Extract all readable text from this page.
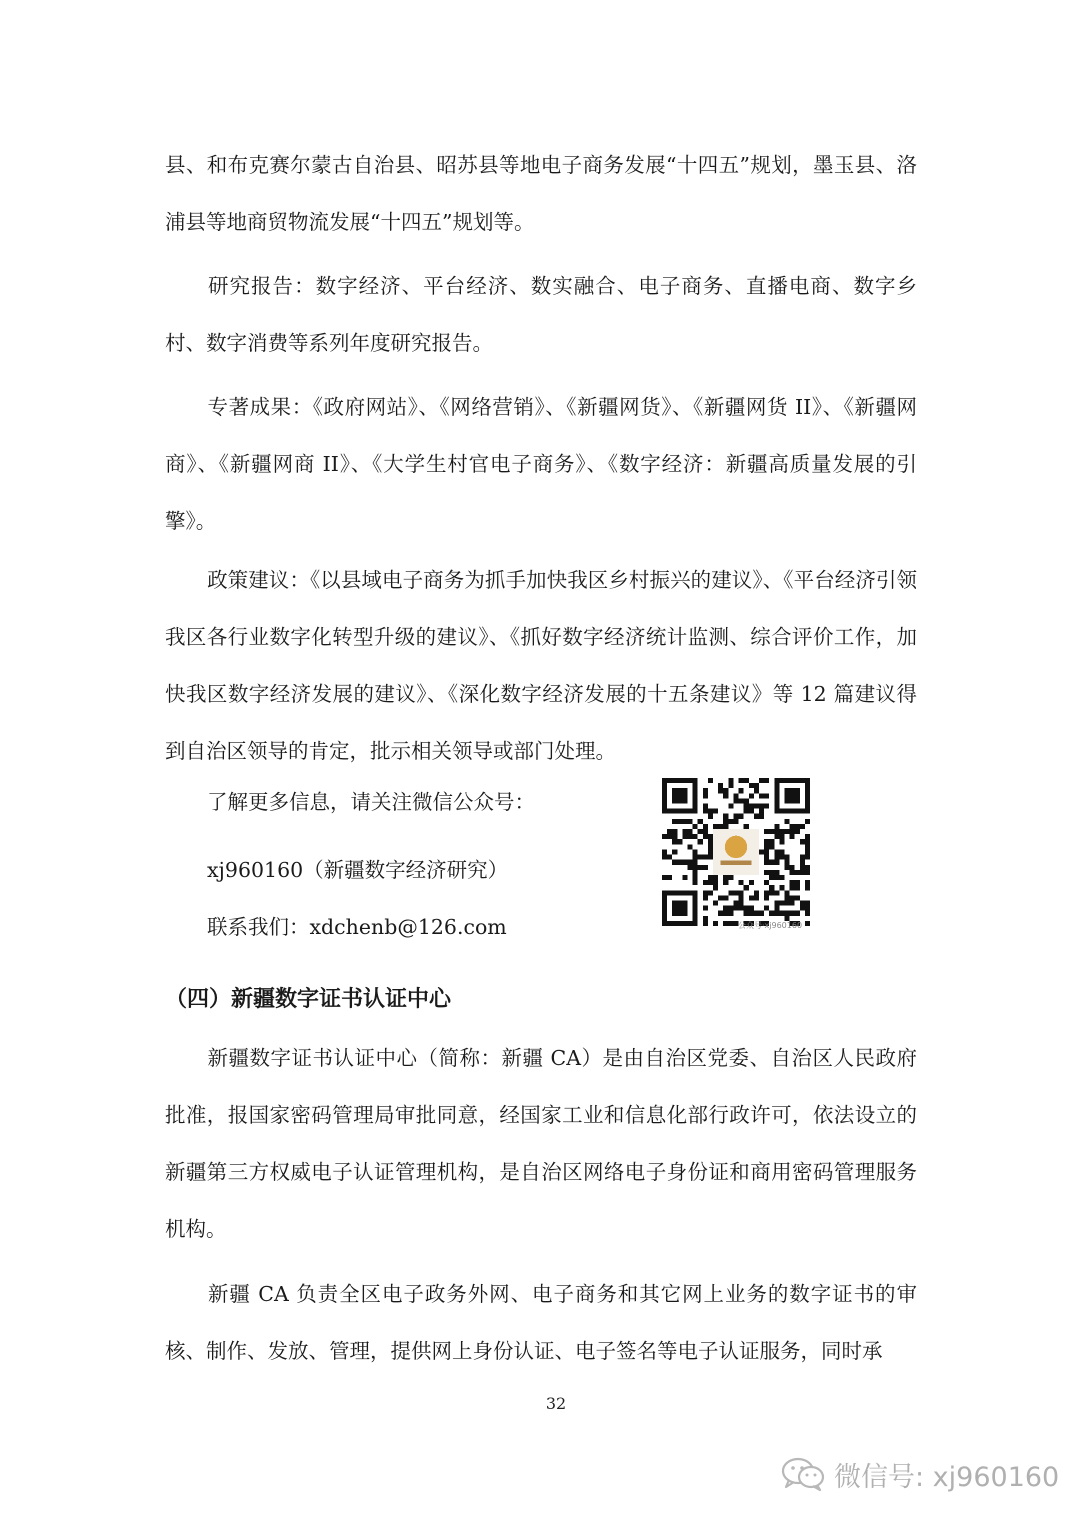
县、和布克赛尔蒙古自治县、昭苏县等地电子商务发展“十四五”规划，墨玉县、洛浦县等地商贸物流发展“十四五”规划等。

研究报告：数字经济、平台经济、数实融合、电子商务、直播电商、数字乡村、数字消费等系列年度研究报告。

专著成果：《政府网站》、《网络营销》、《新疆网货》、《新疆网货 II》、《新疆网商》、《新疆网商 II》、《大学生村官电子商务》、《数字经济：新疆高质量发展的引擎》。

政策建议：《以县域电子商务为抓手加快我区乡村振兴的建议》、《平台经济引领我区各行业数字化转型升级的建议》、《抓好数字经济统计监测、综合评价工作，加快我区数字经济发展的建议》、《深化数字经济发展的十五条建议》等 12 篇建议得到自治区领导的肯定，批示相关领导或部门处理。

了解更多信息，请关注微信公众号：

xj960160（新疆数字经济研究）

联系我们：xdchenb@126.com	公众号·xj960160
（四）新疆数字证书认证中心

新疆数字证书认证中心（简称：新疆 CA）是由自治区党委、自治区人民政府批准，报国家密码管理局审批同意，经国家工业和信息化部行政许可，依法设立的新疆第三方权威电子认证管理机构，是自治区网络电子身份证和商用密码管理服务机构。

新疆 CA 负责全区电子政务外网、电子商务和其它网上业务的数字证书的审核、制作、发放、管理，提供网上身份认证、电子签名等电子认证服务，同时承

32
微信号: xj960160
